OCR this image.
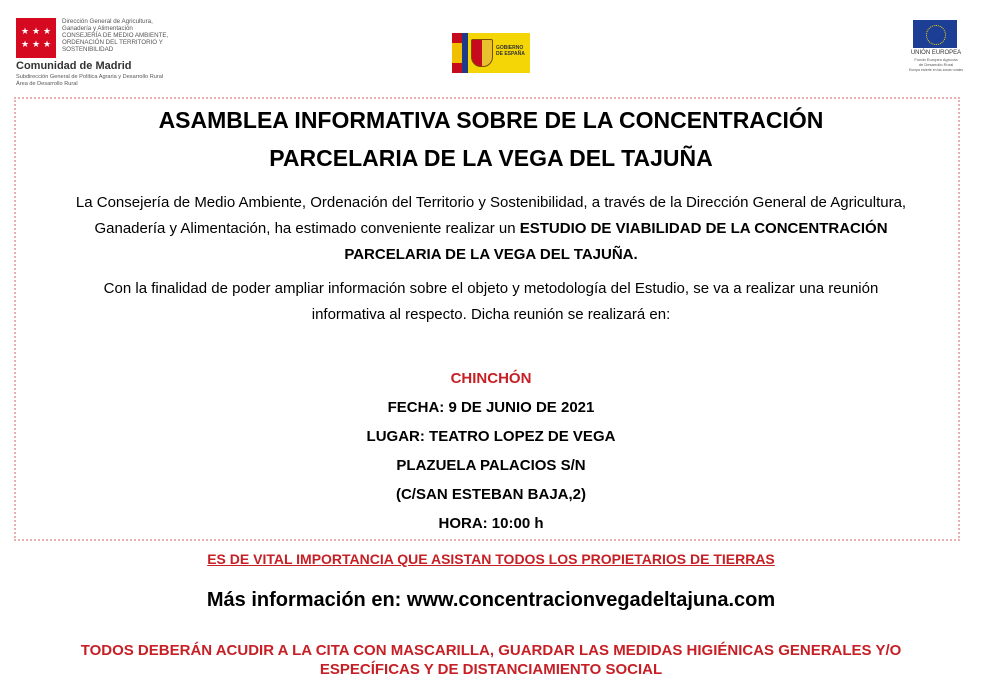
★ ★ ★
★ ★ ★
Dirección General de Agricultura,
Ganadería y Alimentación
CONSEJERÍA DE MEDIO AMBIENTE,
ORDENACIÓN DEL TERRITORIO Y
SOSTENIBILIDAD
Comunidad de Madrid
Subdirección General de Política Agraria y Desarrollo Rural
Área de Desarrollo Rural
GOBIERNO
DE ESPAÑA	UNIÓN EUROPEA
Fondo Europeo Agrícola
de Desarrollo Rural
Europa invierte en las zonas rurales
ASAMBLEA INFORMATIVA SOBRE DE LA CONCENTRACIÓN
PARCELARIA DE LA VEGA DEL TAJUÑA
La Consejería de Medio Ambiente, Ordenación del Territorio y Sostenibilidad, a través de la Dirección General de Agricultura,
Ganadería y Alimentación, ha estimado conveniente realizar un ESTUDIO DE VIABILIDAD DE LA CONCENTRACIÓN
PARCELARIA DE LA VEGA DEL TAJUÑA.
Con la finalidad de poder ampliar información sobre el objeto y metodología del Estudio, se va a realizar una reunión
informativa al respecto. Dicha reunión se realizará en:
CHINCHÓN
FECHA: 9 DE JUNIO DE 2021
LUGAR: TEATRO LOPEZ DE VEGA
PLAZUELA PALACIOS S/N
(C/SAN ESTEBAN BAJA,2)
HORA: 10:00 h
ES DE VITAL IMPORTANCIA QUE ASISTAN TODOS LOS PROPIETARIOS DE TIERRAS
Más información en: www.concentracionvegadeltajuna.com
TODOS DEBERÁN ACUDIR A LA CITA CON MASCARILLA, GUARDAR LAS MEDIDAS HIGIÉNICAS GENERALES Y/O
ESPECÍFICAS Y DE DISTANCIAMIENTO SOCIAL
